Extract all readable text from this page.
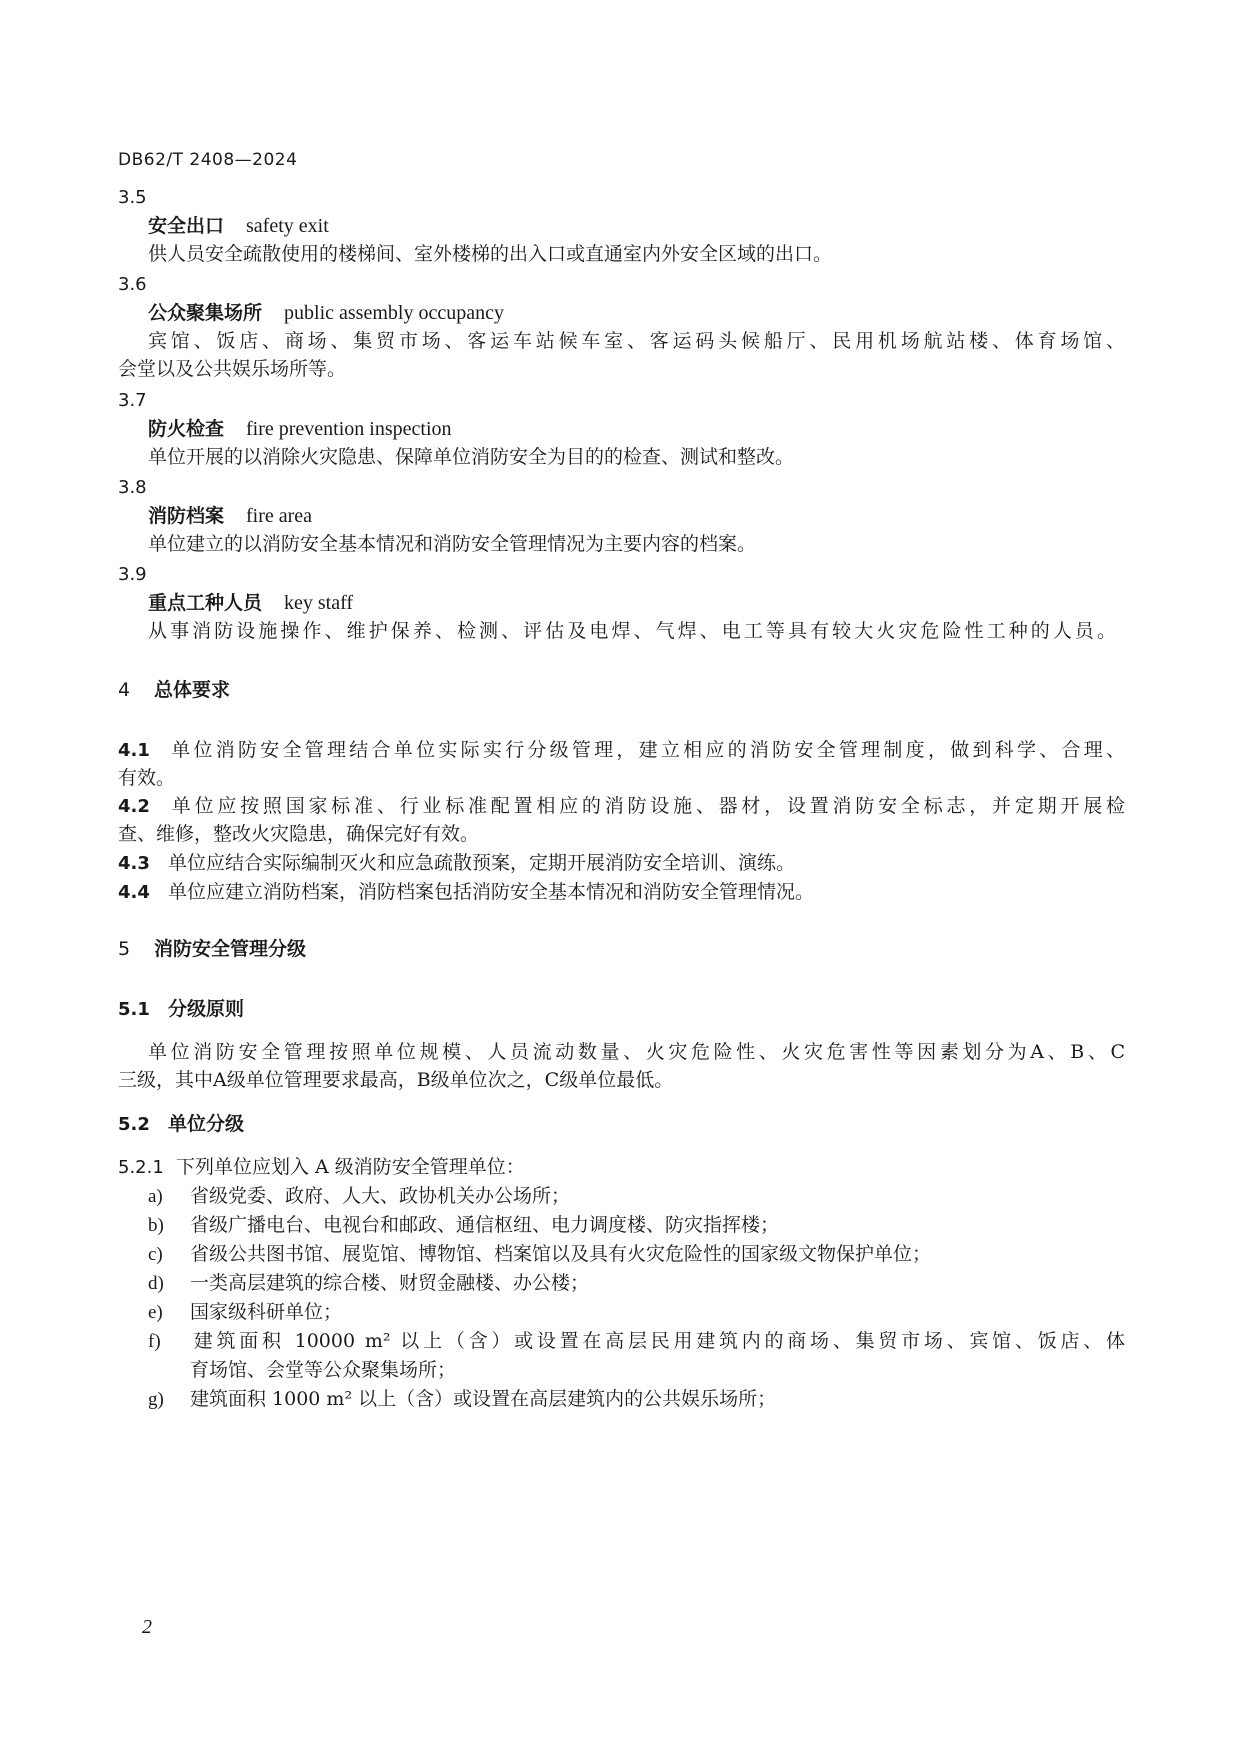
DB62/T 2408—2024
3.5
安全出口 safety exit
供人员安全疏散使用的楼梯间、室外楼梯的出入口或直通室内外安全区域的出口。
3.6
公众聚集场所 public assembly occupancy
宾馆、饭店、商场、集贸市场、客运车站候车室、客运码头候船厅、民用机场航站楼、体育场馆、
会堂以及公共娱乐场所等。
3.7
防火检查 fire prevention inspection
单位开展的以消除火灾隐患、保障单位消防安全为目的的检查、测试和整改。
3.8
消防档案 fire area
单位建立的以消防安全基本情况和消防安全管理情况为主要内容的档案。
3.9
重点工种人员 key staff
从事消防设施操作、维护保养、检测、评估及电焊、气焊、电工等具有较大火灾危险性工种的人员。
4 总体要求
4.1 单位消防安全管理结合单位实际实行分级管理，建立相应的消防安全管理制度，做到科学、合理、
有效。
4.2 单位应按照国家标准、行业标准配置相应的消防设施、器材，设置消防安全标志，并定期开展检
查、维修，整改火灾隐患，确保完好有效。
4.3 单位应结合实际编制灭火和应急疏散预案，定期开展消防安全培训、演练。
4.4 单位应建立消防档案，消防档案包括消防安全基本情况和消防安全管理情况。
5 消防安全管理分级
5.1 分级原则
单位消防安全管理按照单位规模、人员流动数量、火灾危险性、火灾危害性等因素划分为A、B、C
三级，其中A级单位管理要求最高，B级单位次之，C级单位最低。
5.2 单位分级
5.2.1 下列单位应划入 A 级消防安全管理单位：
a) 省级党委、政府、人大、政协机关办公场所；
b) 省级广播电台、电视台和邮政、通信枢纽、电力调度楼、防灾指挥楼；
c) 省级公共图书馆、展览馆、博物馆、档案馆以及具有火灾危险性的国家级文物保护单位；
d) 一类高层建筑的综合楼、财贸金融楼、办公楼；
e) 国家级科研单位；
f) 建筑面积 10000 m² 以上（含）或设置在高层民用建筑内的商场、集贸市场、宾馆、饭店、体
育场馆、会堂等公众聚集场所；
g) 建筑面积 1000 m² 以上（含）或设置在高层建筑内的公共娱乐场所；
2
